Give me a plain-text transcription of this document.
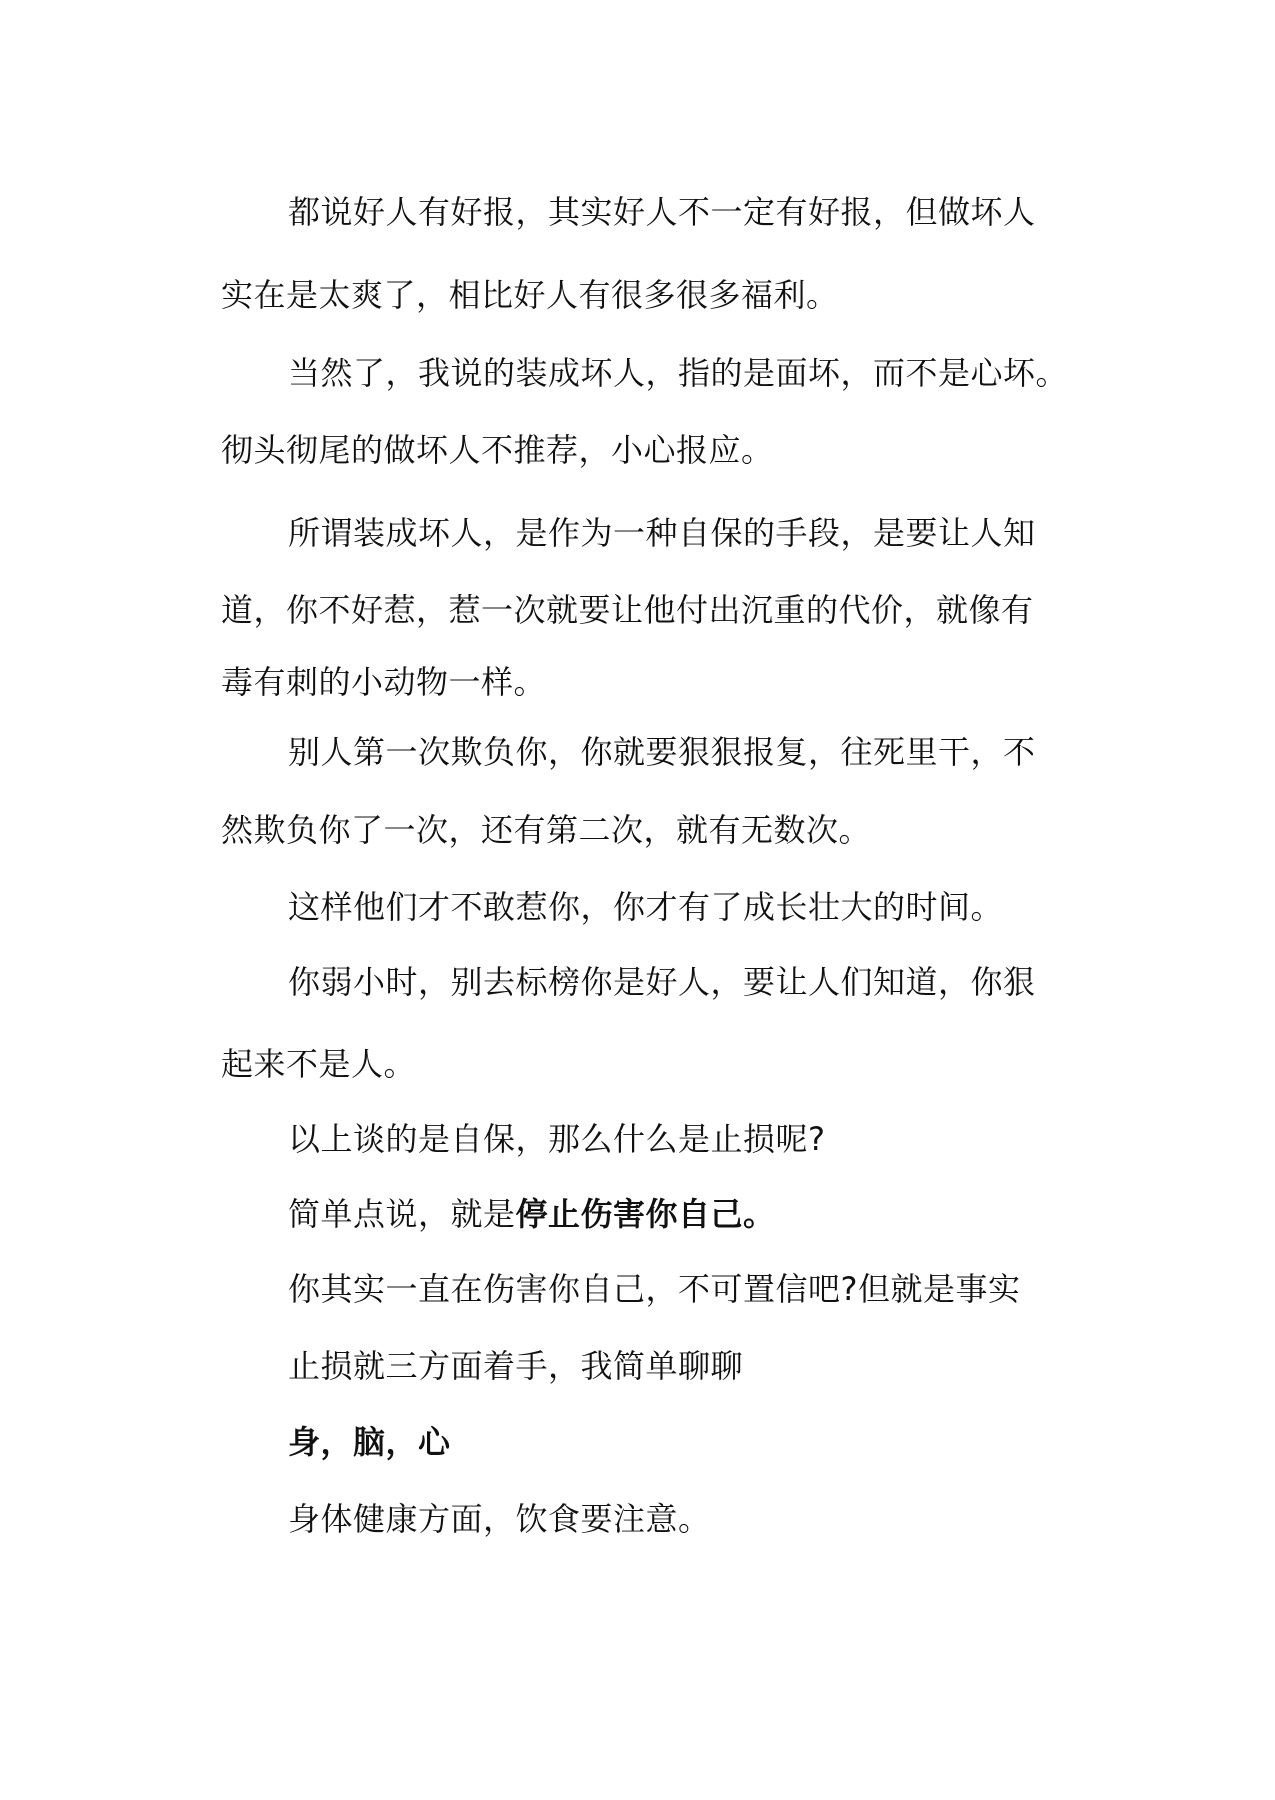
都说好人有好报，其实好人不一定有好报，但做坏人
实在是太爽了，相比好人有很多很多福利。
当然了，我说的装成坏人，指的是面坏，而不是心坏。
彻头彻尾的做坏人不推荐，小心报应。
所谓装成坏人，是作为一种自保的手段，是要让人知
道，你不好惹，惹一次就要让他付出沉重的代价，就像有
毒有刺的小动物一样。
别人第一次欺负你，你就要狠狠报复，往死里干，不
然欺负你了一次，还有第二次，就有无数次。
这样他们才不敢惹你，你才有了成长壮大的时间。
你弱小时，别去标榜你是好人，要让人们知道，你狠
起来不是人。
以上谈的是自保，那么什么是止损呢?
简单点说，就是停止伤害你自己。
你其实一直在伤害你自己，不可置信吧?但就是事实
止损就三方面着手，我简单聊聊
身，脑，心
身体健康方面，饮食要注意。
